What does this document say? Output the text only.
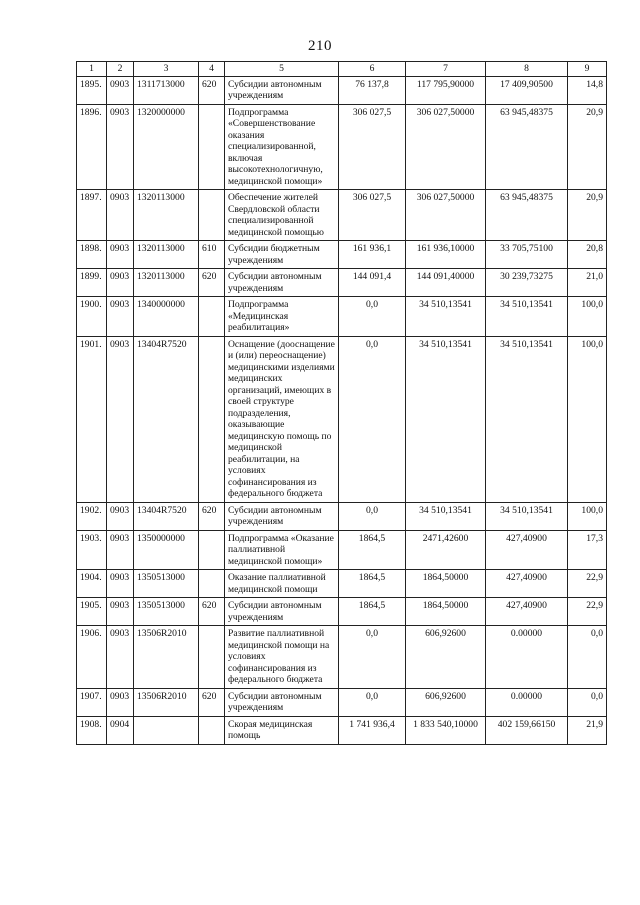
210
1	2	3	4	5	6	7	8	9
1895.	0903	1311713000	620	Субсидии автономным учреждениям	76 137,8	117 795,90000	17 409,90500	14,8
1896.	0903	1320000000		Подпрограмма «Совершенствование оказания специализированной, включая высокотехнологичную, медицинской помощи»	306 027,5	306 027,50000	63 945,48375	20,9
1897.	0903	1320113000		Обеспечение жителей Свердловской области специализированной медицинской помощью	306 027,5	306 027,50000	63 945,48375	20,9
1898.	0903	1320113000	610	Субсидии бюджетным учреждениям	161 936,1	161 936,10000	33 705,75100	20,8
1899.	0903	1320113000	620	Субсидии автономным учреждениям	144 091,4	144 091,40000	30 239,73275	21,0
1900.	0903	1340000000		Подпрограмма «Медицинская реабилитация»	0,0	34 510,13541	34 510,13541	100,0
1901.	0903	13404R7520		Оснащение (дооснащение и (или) переоснащение) медицинскими изделиями медицинских организаций, имеющих в своей структуре подразделения, оказывающие медицинскую помощь по медицинской реабилитации, на условиях софинансирования из федерального бюджета	0,0	34 510,13541	34 510,13541	100,0
1902.	0903	13404R7520	620	Субсидии автономным учреждениям	0,0	34 510,13541	34 510,13541	100,0
1903.	0903	1350000000		Подпрограмма «Оказание паллиативной медицинской помощи»	1864,5	2471,42600	427,40900	17,3
1904.	0903	1350513000		Оказание паллиативной медицинской помощи	1864,5	1864,50000	427,40900	22,9
1905.	0903	1350513000	620	Субсидии автономным учреждениям	1864,5	1864,50000	427,40900	22,9
1906.	0903	13506R2010		Развитие паллиативной медицинской помощи на условиях софинансирования из федерального бюджета	0,0	606,92600	0.00000	0,0
1907.	0903	13506R2010	620	Субсидии автономным учреждениям	0,0	606,92600	0.00000	0,0
1908.	0904			Скорая медицинская помощь	1 741 936,4	1 833 540,10000	402 159,66150	21,9
